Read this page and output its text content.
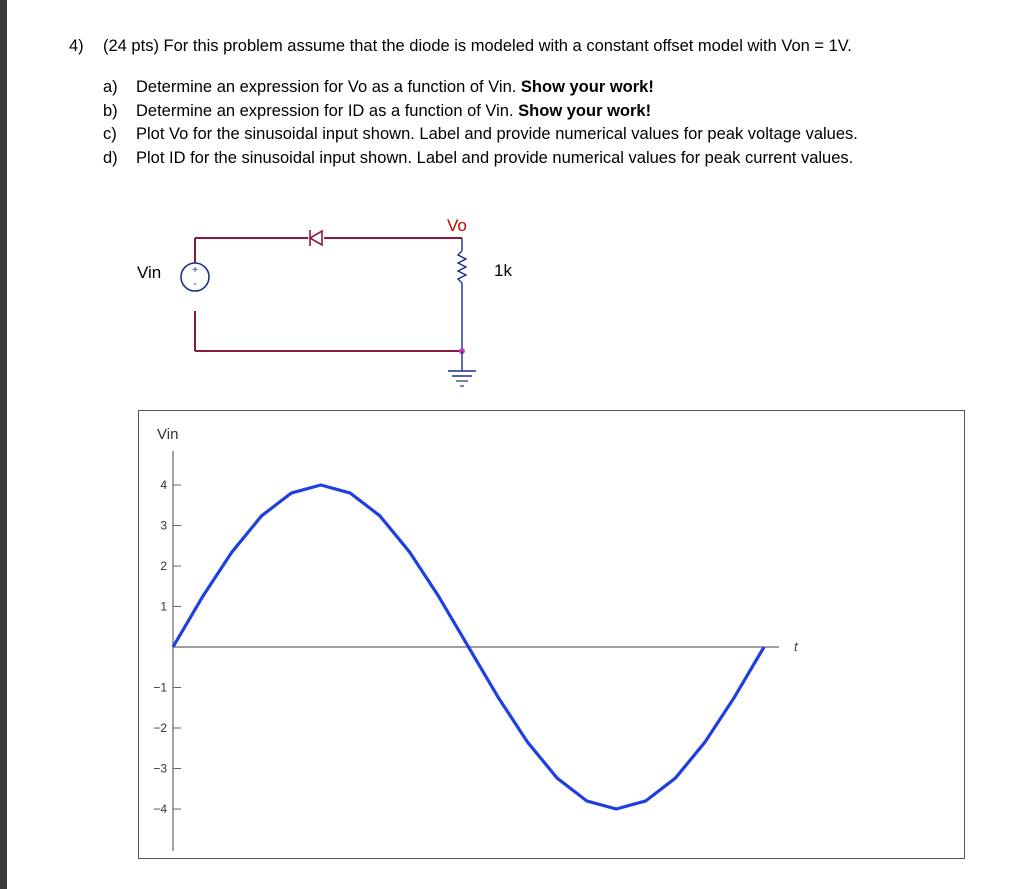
4) (24 pts) For this problem assume that the diode is modeled with a constant offset model with Von = 1V.
a) Determine an expression for Vo as a function of Vin. Show your work!
b) Determine an expression for ID as a function of Vin. Show your work!
c) Plot Vo for the sinusoidal input shown. Label and provide numerical values for peak voltage values.
d) Plot ID for the sinusoidal input shown. Label and provide numerical values for peak current values.
+
-
Vin
Vo
1k
Vin
t
4
3
2
1
−1
−2
−3
−4
